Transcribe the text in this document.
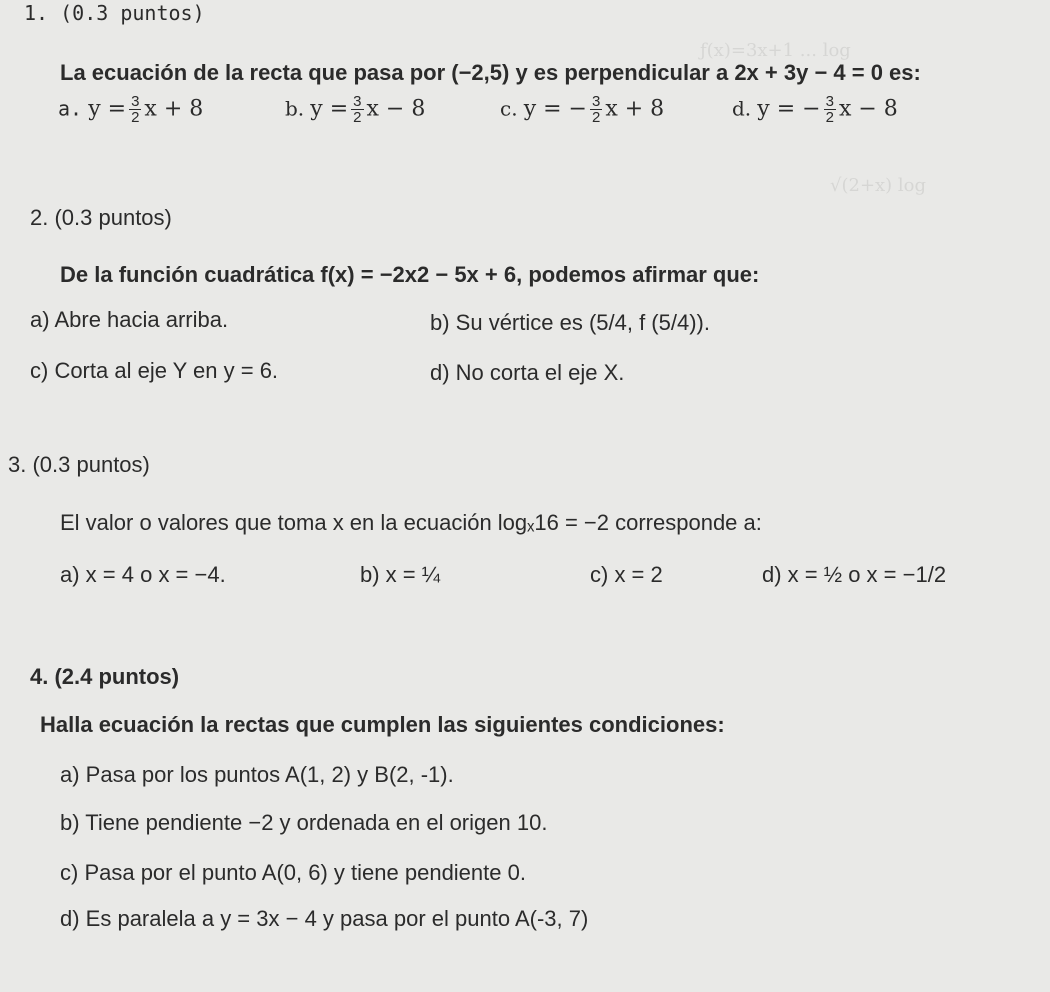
ƒ(x)=3x+1 ... log
√(2+x) log
1. (0.3 puntos)
La ecuación de la recta que pasa por (−2,5) y es perpendicular a 2x + 3y − 4 = 0 es:
a. $y = \frac{3}{2}$ x + 8	b. $y = \frac{3}{2}$ x − 8	c. y = − $\frac{3}{2}$ x + 8	d. y = − $\frac{3}{2}$ x − 8
2. (0.3 puntos)
De la función cuadrática f(x) = −2x2 − 5x + 6, podemos afirmar que:
a) Abre hacia arriba.	b) Su vértice es (5/4, f (5/4)).
c) Corta al eje Y en y = 6.	d) No corta el eje X.
3. (0.3 puntos)
El valor o valores que toma x en la ecuación logₓ16 = −2 corresponde a:
a) x = 4 o x = −4.	b) x = ¼	c) x = 2	d) x = ½ o x = −1/2
4. (2.4 puntos)
Halla ecuación la rectas que cumplen las siguientes condiciones:
a) Pasa por los puntos A(1, 2) y B(2, -1).
b) Tiene pendiente −2 y ordenada en el origen 10.
c) Pasa por el punto A(0, 6) y tiene pendiente 0.
d) Es paralela a y = 3x − 4 y pasa por el punto A(-3, 7)
